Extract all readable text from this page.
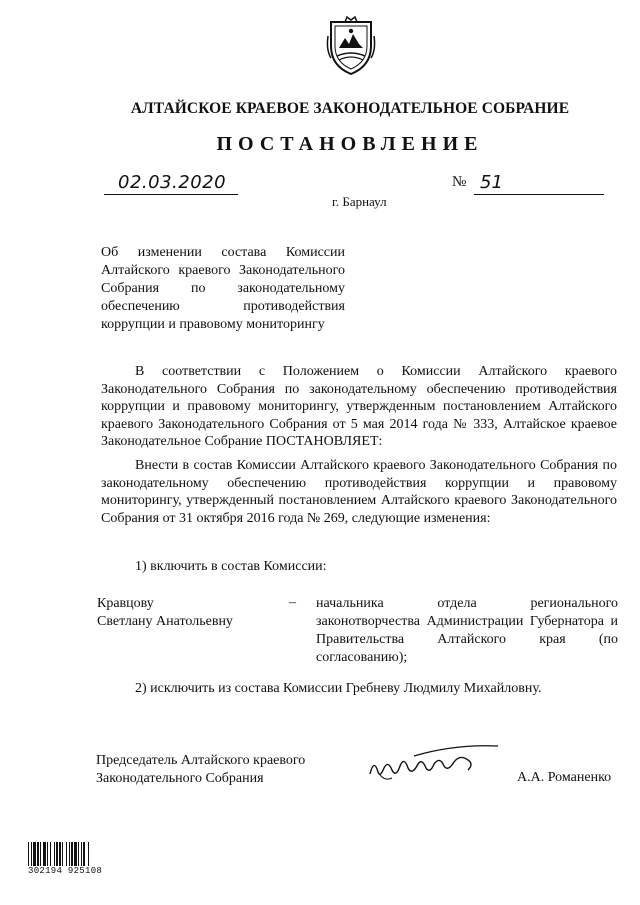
АЛТАЙСКОЕ КРАЕВОЕ ЗАКОНОДАТЕЛЬНОЕ СОБРАНИЕ
ПОСТАНОВЛЕНИЕ
02.03.2020	№ 51
г. Барнаул
Об изменении состава Комиссии Алтайского краевого Законодательного Собрания по законодательному обеспечению противодействия коррупции и правовому мониторингу
В соответствии с Положением о Комиссии Алтайского краевого Законодательного Собрания по законодательному обеспечению противодействия коррупции и правовому мониторингу, утвержденным постановлением Алтайского краевого Законодательного Собрания от 5 мая 2014 года № 333, Алтайское краевое Законодательное Собрание ПОСТАНОВЛЯЕТ:
Внести в состав Комиссии Алтайского краевого Законодательного Собрания по законодательному обеспечению противодействия коррупции и правовому мониторингу, утвержденный постановлением Алтайского краевого Законодательного Собрания от 31 октября 2016 года № 269, следующие изменения:
1) включить в состав Комиссии:
Кравцову
Светлану Анатольевну
– начальника отдела регионального законотворчества Администрации Губернатора и Правительства Алтайского края (по согласованию);
2) исключить из состава Комиссии Гребневу Людмилу Михайловну.
Председатель Алтайского краевого
Законодательного Собрания	А.А. Романенко
302194 925108
